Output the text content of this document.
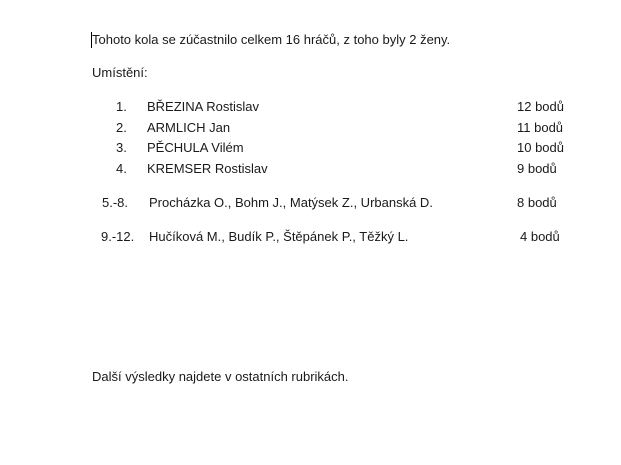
Tohoto kola se zúčastnilo celkem 16 hráčů, z toho byly 2 ženy.
Umístění:
1. BŘEZINA Rostislav	12 bodů
2. ARMLICH Jan	11 bodů
3. PĚCHULA Vilém	10 bodů
4. KREMSER Rostislav	9 bodů
5.-8. Procházka O., Bohm J., Matýsek Z., Urbanská D.	8 bodů
9.-12. Hučíková M., Budík P., Štěpánek P., Těžký L.	4 bodů
Další výsledky najdete v ostatních rubrikách.
